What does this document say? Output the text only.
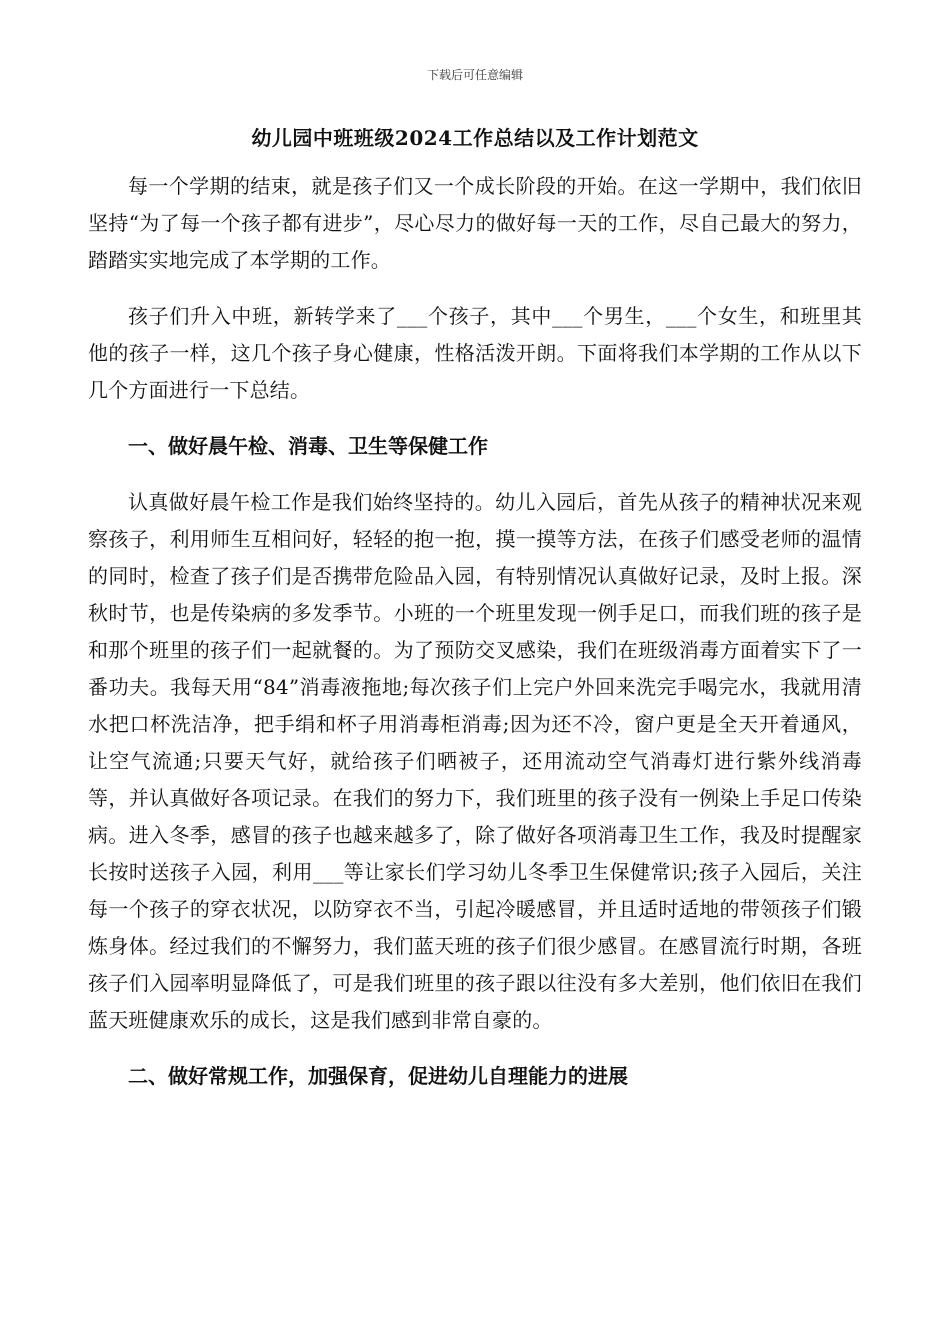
下载后可任意编辑
幼儿园中班班级2024工作总结以及工作计划范文

每一个学期的结束，就是孩子们又一个成长阶段的开始。在这一学期中，我们依旧坚持“为了每一个孩子都有进步”，尽心尽力的做好每一天的工作，尽自己最大的努力，踏踏实实地完成了本学期的工作。

孩子们升入中班，新转学来了___个孩子，其中___个男生，___个女生，和班里其他的孩子一样，这几个孩子身心健康，性格活泼开朗。下面将我们本学期的工作从以下几个方面进行一下总结。

一、做好晨午检、消毒、卫生等保健工作

认真做好晨午检工作是我们始终坚持的。幼儿入园后，首先从孩子的精神状况来观察孩子，利用师生互相问好，轻轻的抱一抱，摸一摸等方法，在孩子们感受老师的温情的同时，检查了孩子们是否携带危险品入园，有特别情况认真做好记录，及时上报。深秋时节，也是传染病的多发季节。小班的一个班里发现一例手足口，而我们班的孩子是和那个班里的孩子们一起就餐的。为了预防交叉感染，我们在班级消毒方面着实下了一番功夫。我每天用“84”消毒液拖地;每次孩子们上完户外回来洗完手喝完水，我就用清水把口杯洗洁净，把手绢和杯子用消毒柜消毒;因为还不冷，窗户更是全天开着通风，让空气流通;只要天气好，就给孩子们晒被子，还用流动空气消毒灯进行紫外线消毒等，并认真做好各项记录。在我们的努力下，我们班里的孩子没有一例染上手足口传染病。进入冬季，感冒的孩子也越来越多了，除了做好各项消毒卫生工作，我及时提醒家长按时送孩子入园，利用___等让家长们学习幼儿冬季卫生保健常识;孩子入园后，关注每一个孩子的穿衣状况，以防穿衣不当，引起冷暖感冒，并且适时适地的带领孩子们锻炼身体。经过我们的不懈努力，我们蓝天班的孩子们很少感冒。在感冒流行时期，各班孩子们入园率明显降低了，可是我们班里的孩子跟以往没有多大差别，他们依旧在我们蓝天班健康欢乐的成长，这是我们感到非常自豪的。

二、做好常规工作，加强保育，促进幼儿自理能力的进展
